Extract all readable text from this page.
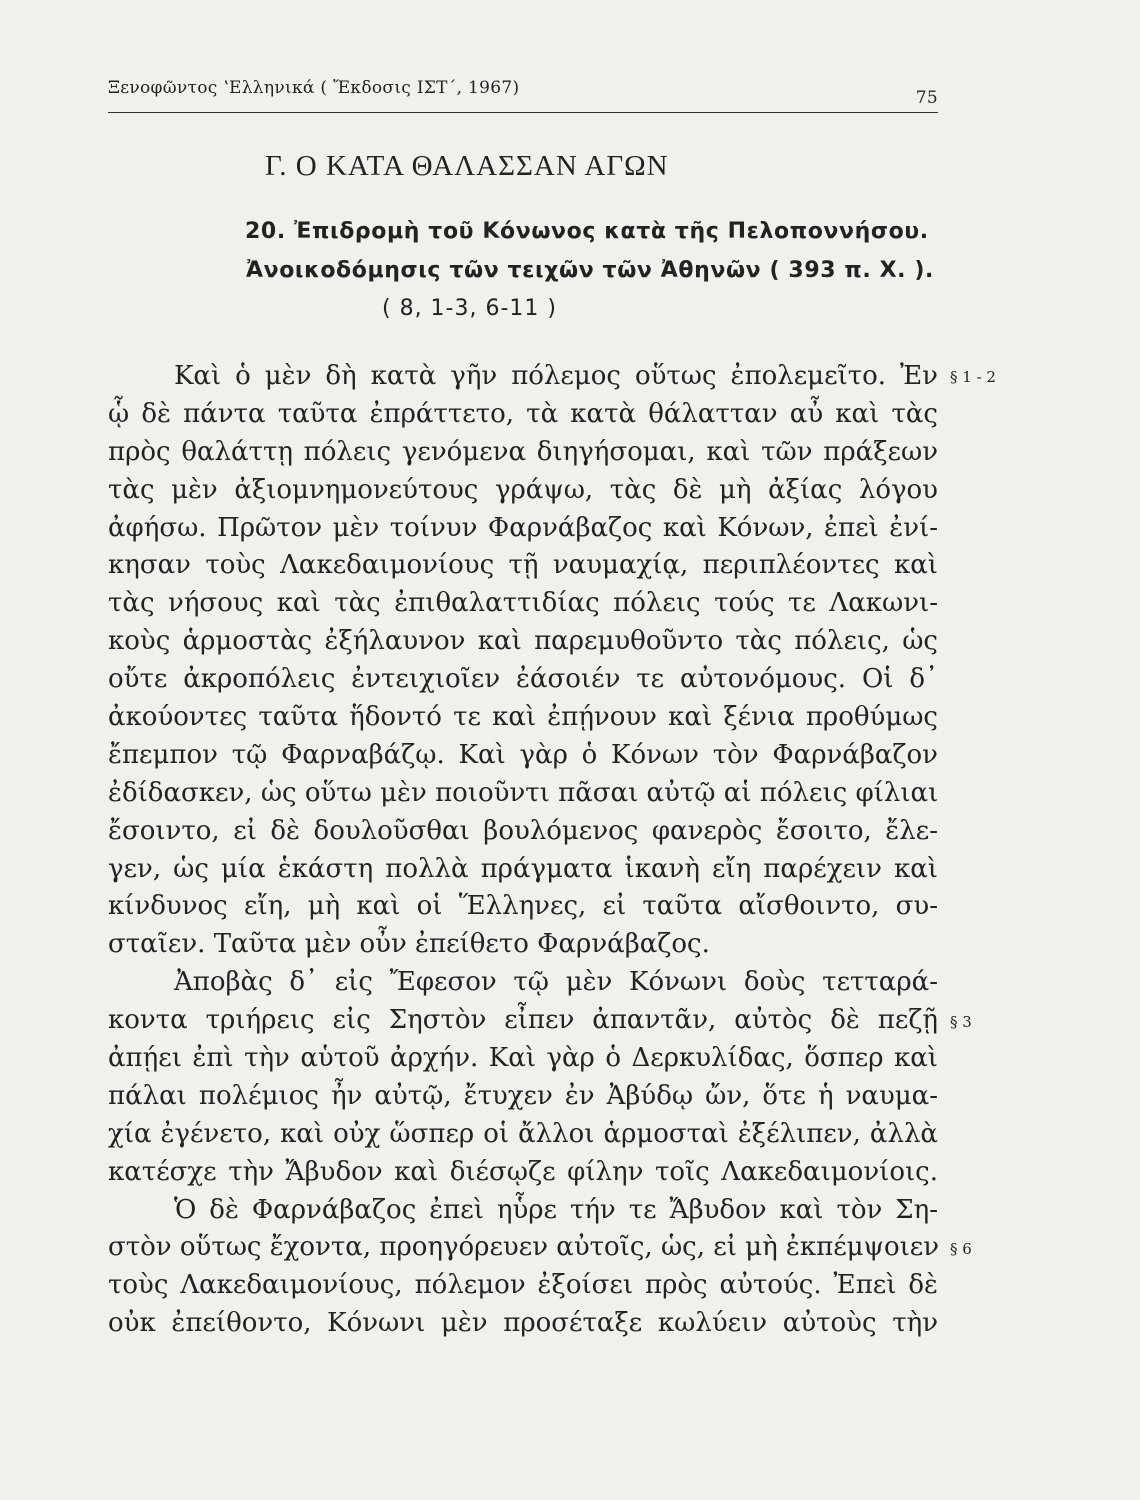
Ξενοφῶντος ʽΕλληνικά ( Ἔκδοσις ΙΣΤ΄, 1967)	75
Γ. Ο ΚΑΤΑ ΘΑΛΑΣΣΑΝ ΑΓΩΝ
20. Ἐπιδρομὴ τοῦ Κόνωνος κατὰ τῆς Πελοποννήσου.
Ἀνοικοδόμησις τῶν τειχῶν τῶν Ἀθηνῶν ( 393 π. Χ. ).
( 8, 1-3, 6-11 )
Καὶ ὁ μὲν δὴ κατὰ γῆν πόλεμος οὕτως ἐπολεμεῖτο. Ἐν
ᾧ δὲ πάντα ταῦτα ἐπράττετο, τὰ κατὰ θάλατταν αὖ καὶ τὰς
πρὸς θαλάττῃ πόλεις γενόμενα διηγήσομαι, καὶ τῶν πράξεων
τὰς μὲν ἀξιομνημονεύτους γράψω, τὰς δὲ μὴ ἀξίας λόγου
ἀφήσω. Πρῶτον μὲν τοίνυν Φαρνάβαζος καὶ Κόνων, ἐπεὶ ἐνί-
κησαν τοὺς Λακεδαιμονίους τῇ ναυμαχίᾳ, περιπλέοντες καὶ
τὰς νήσους καὶ τὰς ἐπιθαλαττιδίας πόλεις τούς τε Λακωνι-
κοὺς ἁρμοστὰς ἐξήλαυνον καὶ παρεμυθοῦντο τὰς πόλεις, ὡς
οὔτε ἀκροπόλεις ἐντειχιοῖεν ἐάσοιέν τε αὐτονόμους. Οἱ δ᾽
ἀκούοντες ταῦτα ἥδοντό τε καὶ ἐπῄνουν καὶ ξένια προθύμως
ἔπεμπον τῷ Φαρναβάζῳ. Καὶ γὰρ ὁ Κόνων τὸν Φαρνάβαζον
ἐδίδασκεν, ὡς οὕτω μὲν ποιοῦντι πᾶσαι αὐτῷ αἱ πόλεις φίλιαι
ἔσοιντο, εἰ δὲ δουλοῦσθαι βουλόμενος φανερὸς ἔσοιτο, ἔλε-
γεν, ὡς μία ἑκάστη πολλὰ πράγματα ἱκανὴ εἴη παρέχειν καὶ
κίνδυνος εἴη, μὴ καὶ οἱ Ἕλληνες, εἰ ταῦτα αἴσθοιντο, συ-
σταῖεν. Ταῦτα μὲν οὖν ἐπείθετο Φαρνάβαζος.
Ἀποβὰς δ᾽ εἰς Ἔφεσον τῷ μὲν Κόνωνι δοὺς τετταρά-
κοντα τριήρεις εἰς Σηστὸν εἶπεν ἀπαντᾶν, αὐτὸς δὲ πεζῇ
ἀπῄει ἐπὶ τὴν αὑτοῦ ἀρχήν. Καὶ γὰρ ὁ Δερκυλίδας, ὅσπερ καὶ
πάλαι πολέμιος ἦν αὐτῷ, ἔτυχεν ἐν Ἀβύδῳ ὤν, ὅτε ἡ ναυμα-
χία ἐγένετο, καὶ οὐχ ὥσπερ οἱ ἄλλοι ἁρμοσταὶ ἐξέλιπεν, ἀλλὰ
κατέσχε τὴν Ἄβυδον καὶ διέσῳζε φίλην τοῖς Λακεδαιμονίοις.
Ὁ δὲ Φαρνάβαζος ἐπεὶ ηὗρε τήν τε Ἄβυδον καὶ τὸν Ση-
στὸν οὕτως ἔχοντα, προηγόρευεν αὐτοῖς, ὡς, εἰ μὴ ἐκπέμψοιεν
τοὺς Λακεδαιμονίους, πόλεμον ἐξοίσει πρὸς αὐτούς. Ἐπεὶ δὲ
οὐκ ἐπείθοντο, Κόνωνι μὲν προσέταξε κωλύειν αὐτοὺς τὴν
§ 1 - 2
§ 3
§ 6
